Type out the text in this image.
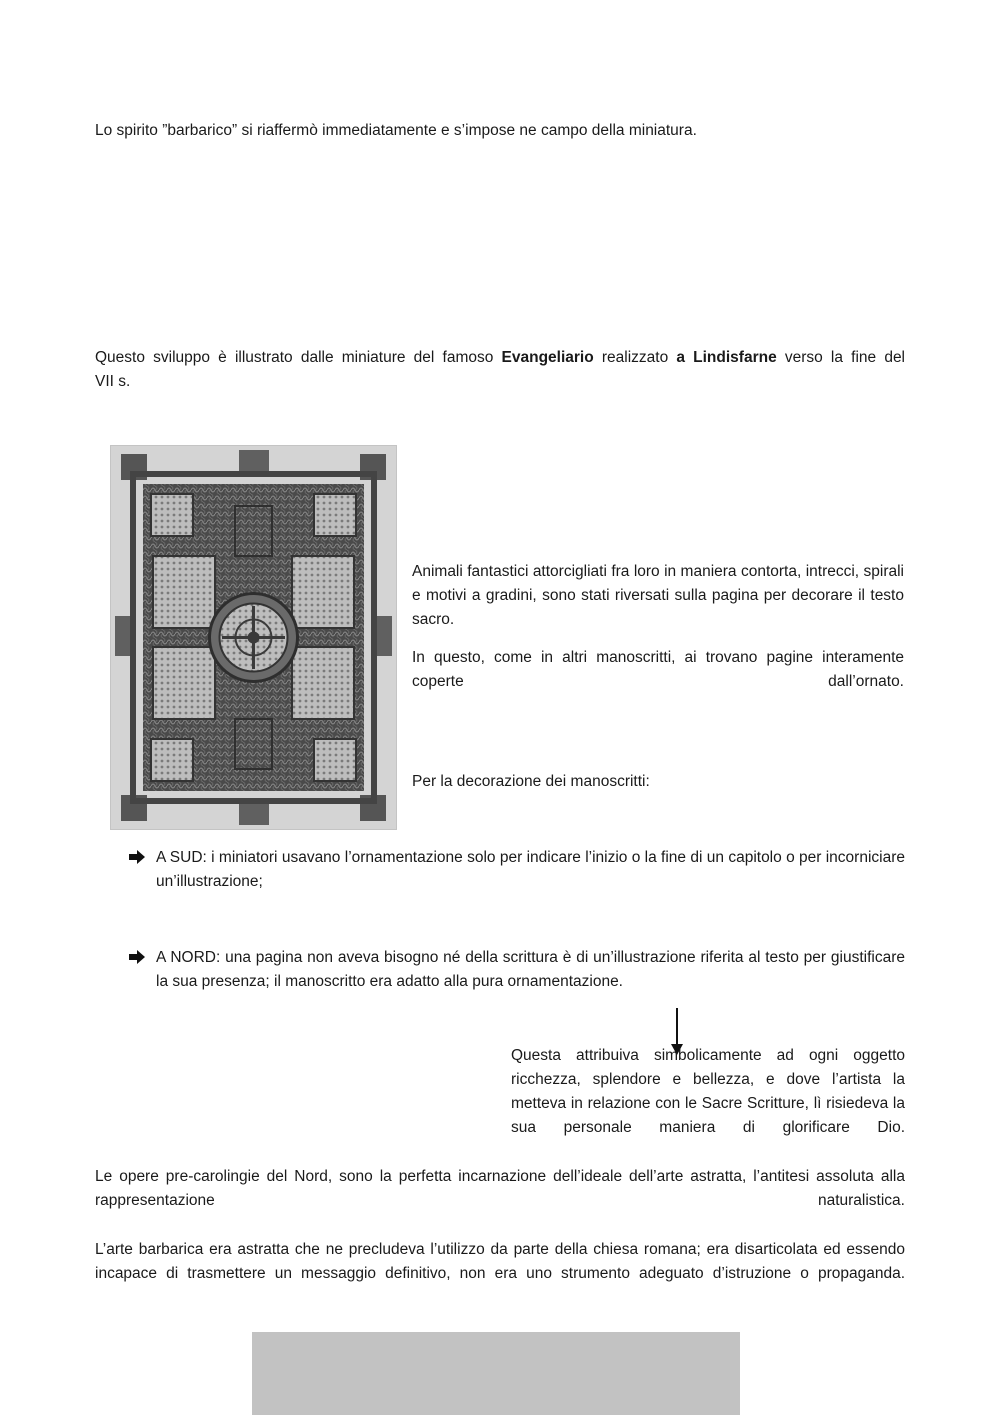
Lo spirito ”barbarico” si riaffermò immediatamente e s’impose ne campo della miniatura.

Questo sviluppo è illustrato dalle miniature del famoso Evangeliario realizzato a Lindisfarne verso la fine del
VII s.

Animali fantastici attorcigliati fra loro in maniera contorta, intrecci, spirali e motivi a gradini, sono stati riversati sulla pagina per decorare il testo sacro.

In questo, come in altri manoscritti, ai trovano pagine interamente coperte dall’ornato.

Per la decorazione dei manoscritti:

A SUD: i miniatori usavano l’ornamentazione solo per indicare l’inizio o la fine di un capitolo o per incorniciare un’illustrazione;
A NORD: una pagina non aveva bisogno né della scrittura è di un’illustrazione riferita al testo per giustificare la sua presenza; il manoscritto era adatto alla pura ornamentazione.

Questa attribuiva simbolicamente ad ogni oggetto ricchezza, splendore e bellezza, e dove l’artista la metteva in relazione con le Sacre Scritture, lì risiedeva la sua personale maniera di glorificare Dio.

Le opere pre-carolingie del Nord, sono la perfetta incarnazione dell’ideale dell’arte astratta, l’antitesi assoluta alla rappresentazione naturalistica.

L’arte barbarica era astratta che ne precludeva l’utilizzo da parte della chiesa romana; era disarticolata ed essendo incapace di trasmettere un messaggio definitivo, non era uno strumento adeguato d’istruzione o propaganda.
